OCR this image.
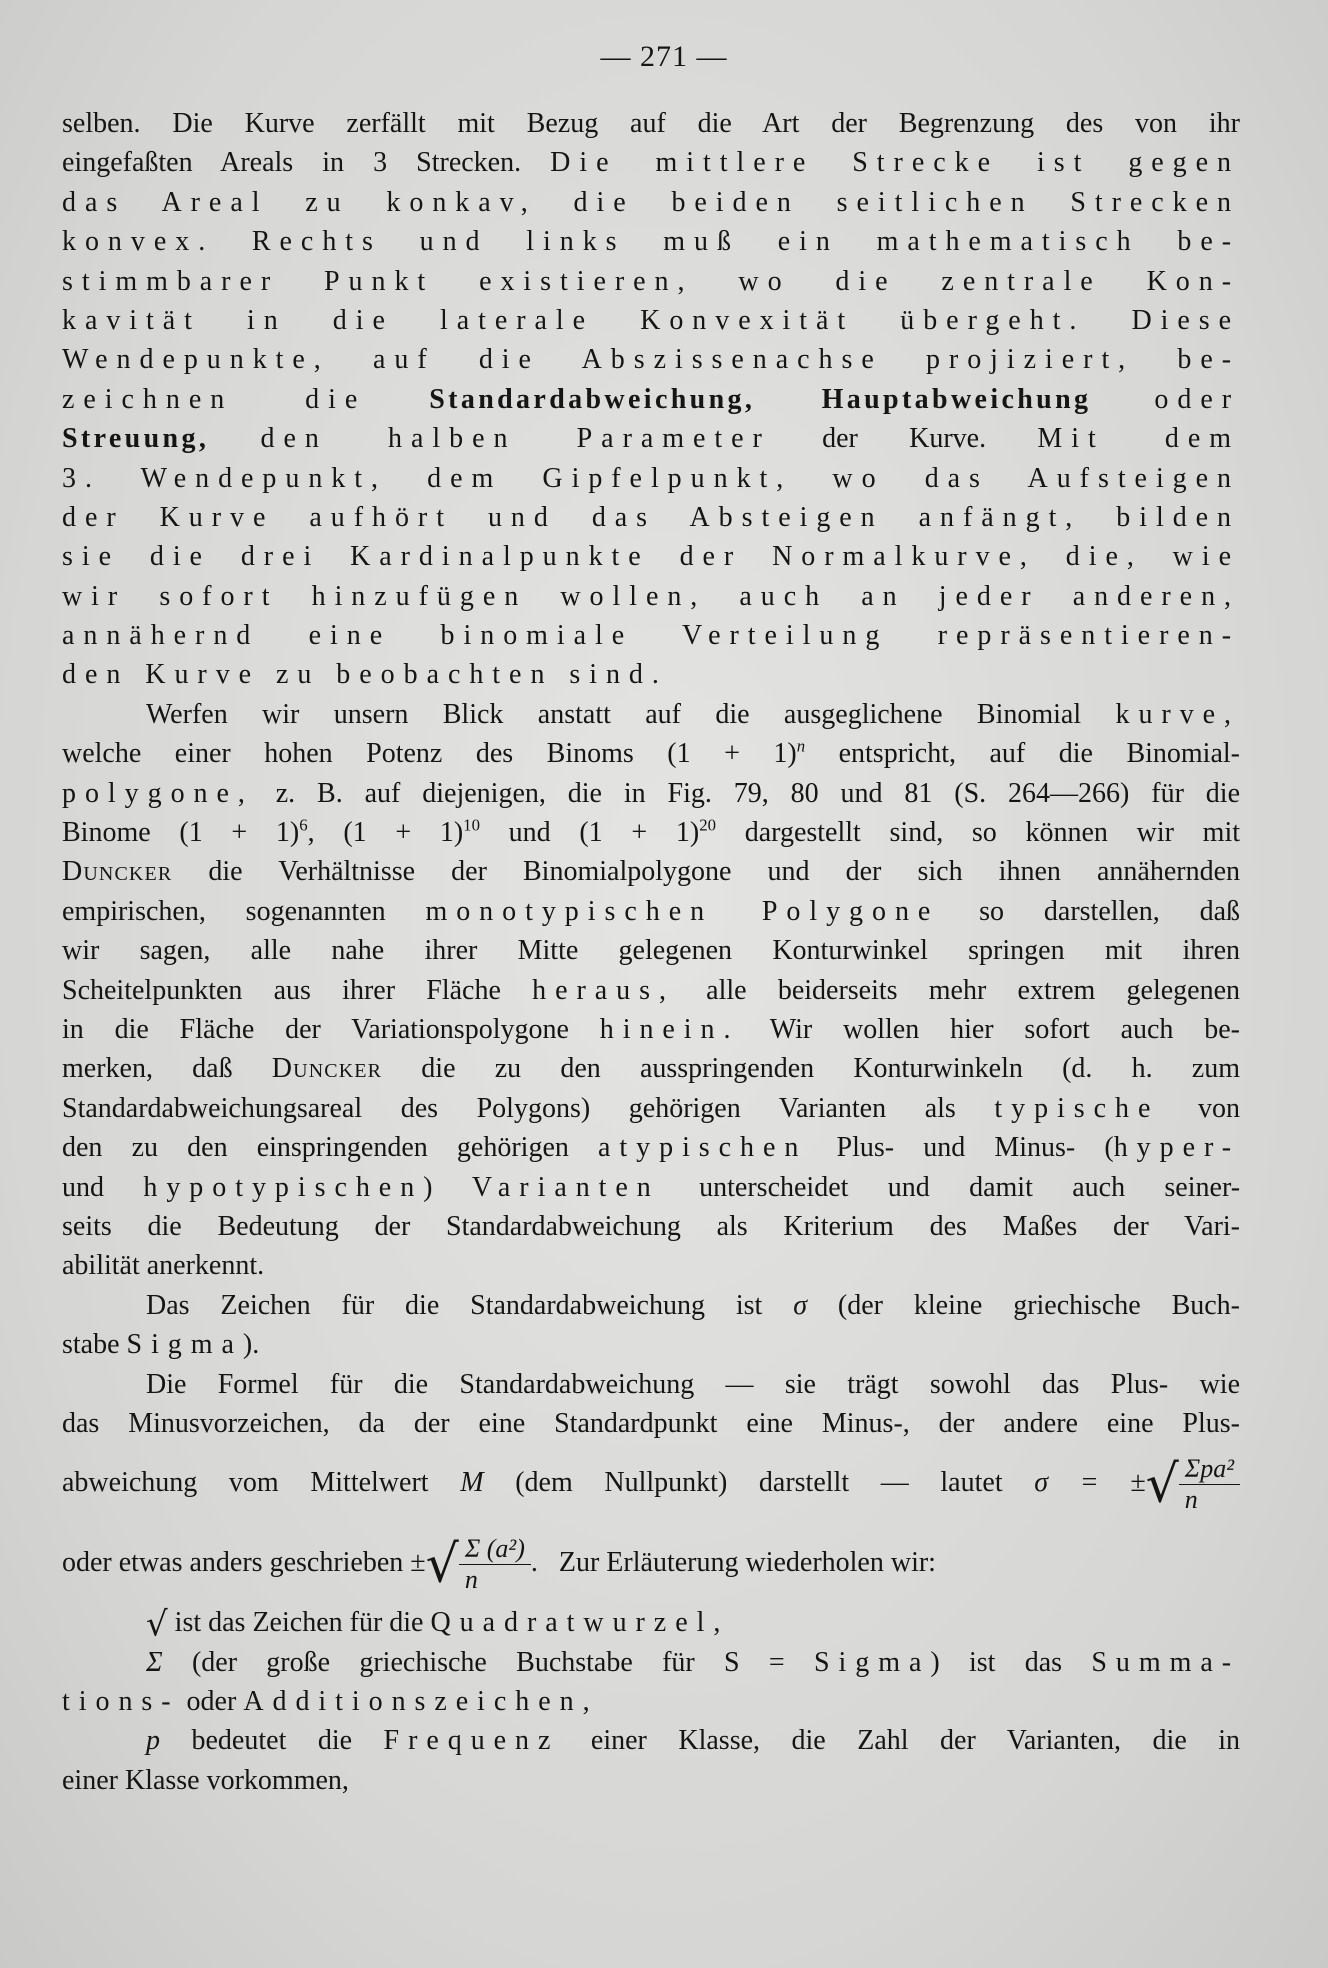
— 271 —
selben. Die Kurve zerfällt mit Bezug auf die Art der Begrenzung des von ihr
eingefaßten Areals in 3 Strecken. Die mittlere Strecke ist gegen
das Areal zu konkav, die beiden seitlichen Strecken
konvex. Rechts und links muß ein mathematisch be-
stimmbarer Punkt existieren, wo die zentrale Kon-
kavität in die laterale Konvexität übergeht. Diese
Wendepunkte, auf die Abszissenachse projiziert, be-
zeichnen die Standardabweichung, Hauptabweichung oder
Streuung, den halben Parameter der Kurve. Mit dem
3. Wendepunkt, dem Gipfelpunkt, wo das Aufsteigen
der Kurve aufhört und das Absteigen anfängt, bilden
sie die drei Kardinalpunkte der Normalkurve, die, wie
wir sofort hinzufügen wollen, auch an jeder anderen,
annähernd eine binomiale Verteilung repräsentieren-
den Kurve zu beobachten sind.
Werfen wir unsern Blick anstatt auf die ausgeglichene Binomial kurve,
welche einer hohen Potenz des Binoms $(1 + 1)^n$ entspricht, auf die Binomial-
polygone, z. B. auf diejenigen, die in Fig. 79, 80 und 81 (S. 264—266) für die
Binome $(1 + 1)^6$, $(1 + 1)^{10}$ und $(1 + 1)^{20}$ dargestellt sind, so können wir mit
Duncker die Verhältnisse der Binomialpolygone und der sich ihnen annähernden
empirischen, sogenannten monotypischen Polygone so darstellen, daß
wir sagen, alle nahe ihrer Mitte gelegenen Konturwinkel springen mit ihren
Scheitelpunkten aus ihrer Fläche heraus, alle beiderseits mehr extrem gelegenen
in die Fläche der Variationspolygone hinein. Wir wollen hier sofort auch be-
merken, daß Duncker die zu den ausspringenden Konturwinkeln (d. h. zum
Standardabweichungsareal des Polygons) gehörigen Varianten als typische von
den zu den einspringenden gehörigen atypischen Plus- und Minus- (hyper-
und hypotypischen) Varianten unterscheidet und damit auch seiner-
seits die Bedeutung der Standardabweichung als Kriterium des Maßes der Vari-
abilität anerkennt.
Das Zeichen für die Standardabweichung ist σ (der kleine griechische Buch-
stabe Sigma).
Die Formel für die Standardabweichung — sie trägt sowohl das Plus- wie
das Minusvorzeichen, da der eine Standardpunkt eine Minus-, der andere eine Plus-
abweichung vom Mittelwert M (dem Nullpunkt) darstellt — lautet σ = ±√ $\frac{\text{Σpa²}}{n}$
oder etwas anders geschrieben ±√ $\frac{\text{Σ (a²)}}{n}$ . Zur Erläuterung wiederholen wir:
√ ist das Zeichen für die Quadratwurzel,
Σ (der große griechische Buchstabe für S = Sigma) ist das Summa-
tions- oder Additionszeichen,
p bedeutet die Frequenz einer Klasse, die Zahl der Varianten, die in
einer Klasse vorkommen,
